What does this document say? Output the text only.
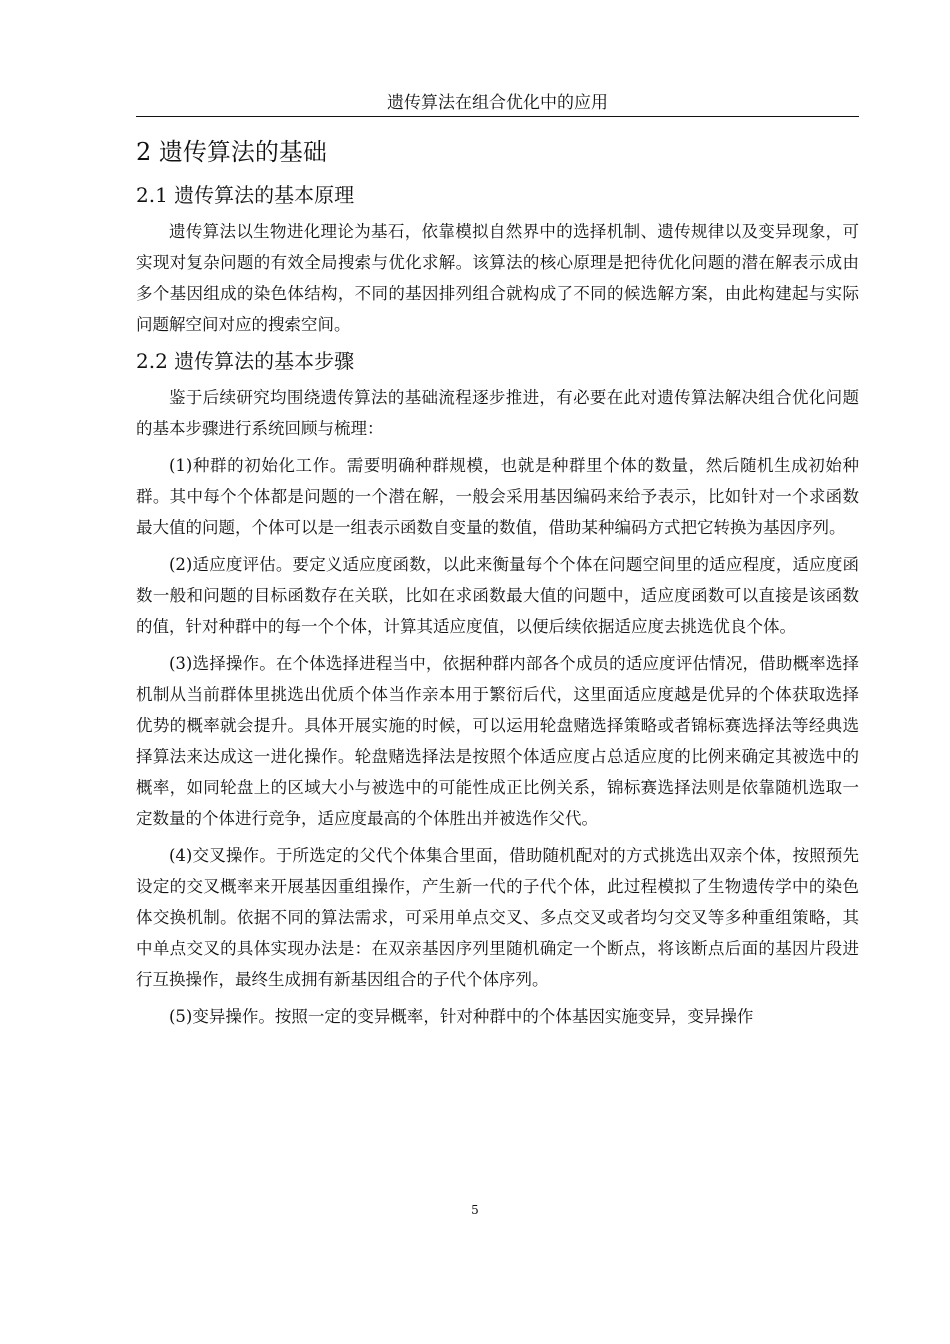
遗传算法在组合优化中的应用
2 遗传算法的基础
2.1 遗传算法的基本原理

遗传算法以生物进化理论为基石，依靠模拟自然界中的选择机制、遗传规律以及变异现象，可实现对复杂问题的有效全局搜索与优化求解。该算法的核心原理是把待优化问题的潜在解表示成由多个基因组成的染色体结构，不同的基因排列组合就构成了不同的候选解方案，由此构建起与实际问题解空间对应的搜索空间。

2.2 遗传算法的基本步骤

鉴于后续研究均围绕遗传算法的基础流程逐步推进，有必要在此对遗传算法解决组合优化问题的基本步骤进行系统回顾与梳理：

(1)种群的初始化工作。需要明确种群规模，也就是种群里个体的数量，然后随机生成初始种群。其中每个个体都是问题的一个潜在解，一般会采用基因编码来给予表示，比如针对一个求函数最大值的问题，个体可以是一组表示函数自变量的数值，借助某种编码方式把它转换为基因序列。

(2)适应度评估。要定义适应度函数，以此来衡量每个个体在问题空间里的适应程度，适应度函数一般和问题的目标函数存在关联，比如在求函数最大值的问题中，适应度函数可以直接是该函数的值，针对种群中的每一个个体，计算其适应度值，以便后续依据适应度去挑选优良个体。

(3)选择操作。在个体选择进程当中，依据种群内部各个成员的适应度评估情况，借助概率选择机制从当前群体里挑选出优质个体当作亲本用于繁衍后代，这里面适应度越是优异的个体获取选择优势的概率就会提升。具体开展实施的时候，可以运用轮盘赌选择策略或者锦标赛选择法等经典选择算法来达成这一进化操作。轮盘赌选择法是按照个体适应度占总适应度的比例来确定其被选中的概率，如同轮盘上的区域大小与被选中的可能性成正比例关系，锦标赛选择法则是依靠随机选取一定数量的个体进行竞争，适应度最高的个体胜出并被选作父代。

(4)交叉操作。于所选定的父代个体集合里面，借助随机配对的方式挑选出双亲个体，按照预先设定的交叉概率来开展基因重组操作，产生新一代的子代个体，此过程模拟了生物遗传学中的染色体交换机制。依据不同的算法需求，可采用单点交叉、多点交叉或者均匀交叉等多种重组策略，其中单点交叉的具体实现办法是：在双亲基因序列里随机确定一个断点，将该断点后面的基因片段进行互换操作，最终生成拥有新基因组合的子代个体序列。

(5)变异操作。按照一定的变异概率，针对种群中的个体基因实施变异，变异操作

5
